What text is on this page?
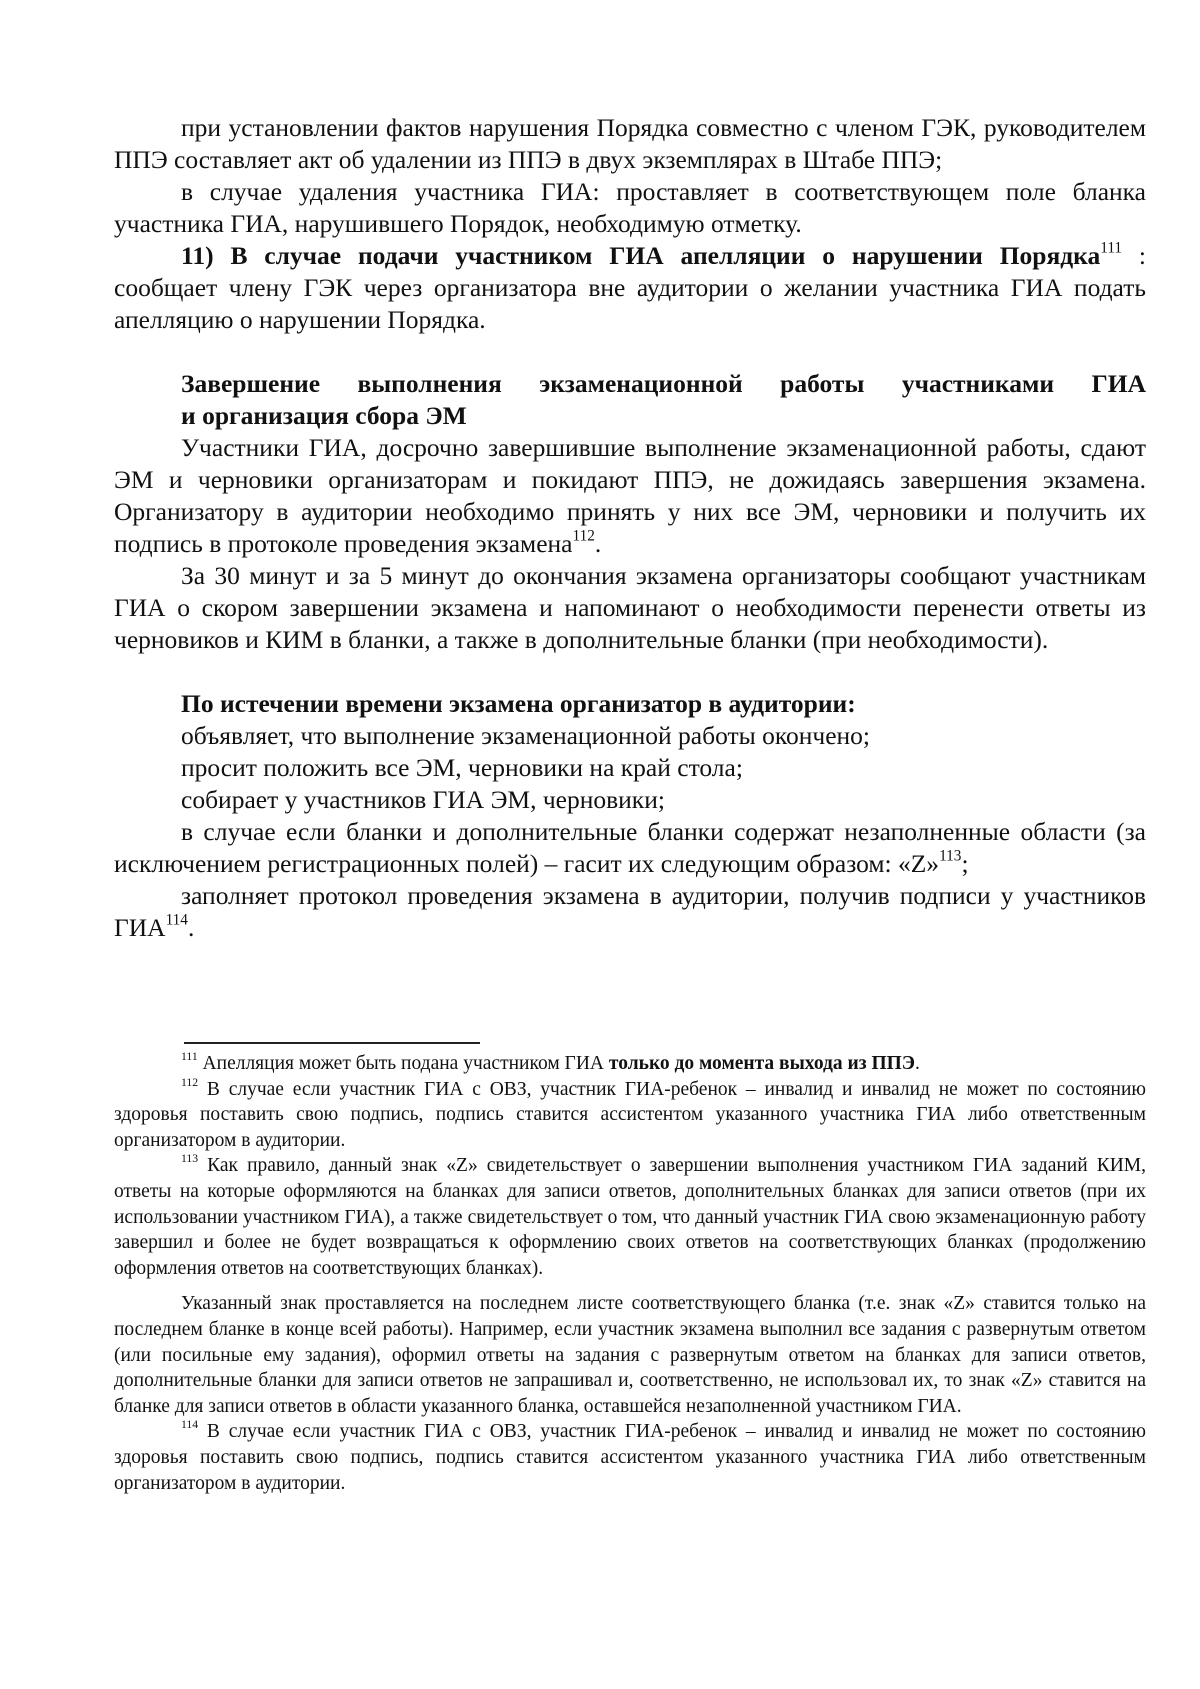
при установлении фактов нарушения Порядка совместно с членом ГЭК, руководителем ППЭ составляет акт об удалении из ППЭ в двух экземплярах в Штабе ППЭ;

в случае удаления участника ГИА: проставляет в соответствующем поле бланка участника ГИА, нарушившего Порядок, необходимую отметку.

11) В случае подачи участником ГИА апелляции о нарушении Порядка$^{111}$ : сообщает члену ГЭК через организатора вне аудитории о желании участника ГИА подать апелляцию о нарушении Порядка.

Завершение выполнения экзаменационной работы участниками ГИА

и организация сбора ЭМ

Участники ГИА, досрочно завершившие выполнение экзаменационной работы, сдают ЭМ и черновики организаторам и покидают ППЭ, не дожидаясь завершения экзамена. Организатору в аудитории необходимо принять у них все ЭМ, черновики и получить их подпись в протоколе проведения экзамена$^{112}$.

За 30 минут и за 5 минут до окончания экзамена организаторы сообщают участникам ГИА о скором завершении экзамена и напоминают о необходимости перенести ответы из черновиков и КИМ в бланки, а также в дополнительные бланки (при необходимости).

По истечении времени экзамена организатор в аудитории:

объявляет, что выполнение экзаменационной работы окончено;

просит положить все ЭМ, черновики на край стола;

собирает у участников ГИА ЭМ, черновики;

в случае если бланки и дополнительные бланки содержат незаполненные области (за исключением регистрационных полей) – гасит их следующим образом: «Z»$^{113}$;

заполняет протокол проведения экзамена в аудитории, получив подписи у участников ГИА$^{114}$.

$^{111}$ Апелляция может быть подана участником ГИА только до момента выхода из ППЭ.

$^{112}$ В случае если участник ГИА с ОВЗ, участник ГИА-ребенок – инвалид и инвалид не может по состоянию здоровья поставить свою подпись, подпись ставится ассистентом указанного участника ГИА либо ответственным организатором в аудитории.

$^{113}$ Как правило, данный знак «Z» свидетельствует о завершении выполнения участником ГИА заданий КИМ, ответы на которые оформляются на бланках для записи ответов, дополнительных бланках для записи ответов (при их использовании участником ГИА), а также свидетельствует о том, что данный участник ГИА свою экзаменационную работу завершил и более не будет возвращаться к оформлению своих ответов на соответствующих бланках (продолжению оформления ответов на соответствующих бланках).

Указанный знак проставляется на последнем листе соответствующего бланка (т.е. знак «Z» ставится только на последнем бланке в конце всей работы). Например, если участник экзамена выполнил все задания с развернутым ответом (или посильные ему задания), оформил ответы на задания с развернутым ответом на бланках для записи ответов, дополнительные бланки для записи ответов не запрашивал и, соответственно, не использовал их, то знак «Z» ставится на бланке для записи ответов в области указанного бланка, оставшейся незаполненной участником ГИА.

$^{114}$ В случае если участник ГИА с ОВЗ, участник ГИА-ребенок – инвалид и инвалид не может по состоянию здоровья поставить свою подпись, подпись ставится ассистентом указанного участника ГИА либо ответственным организатором в аудитории.
